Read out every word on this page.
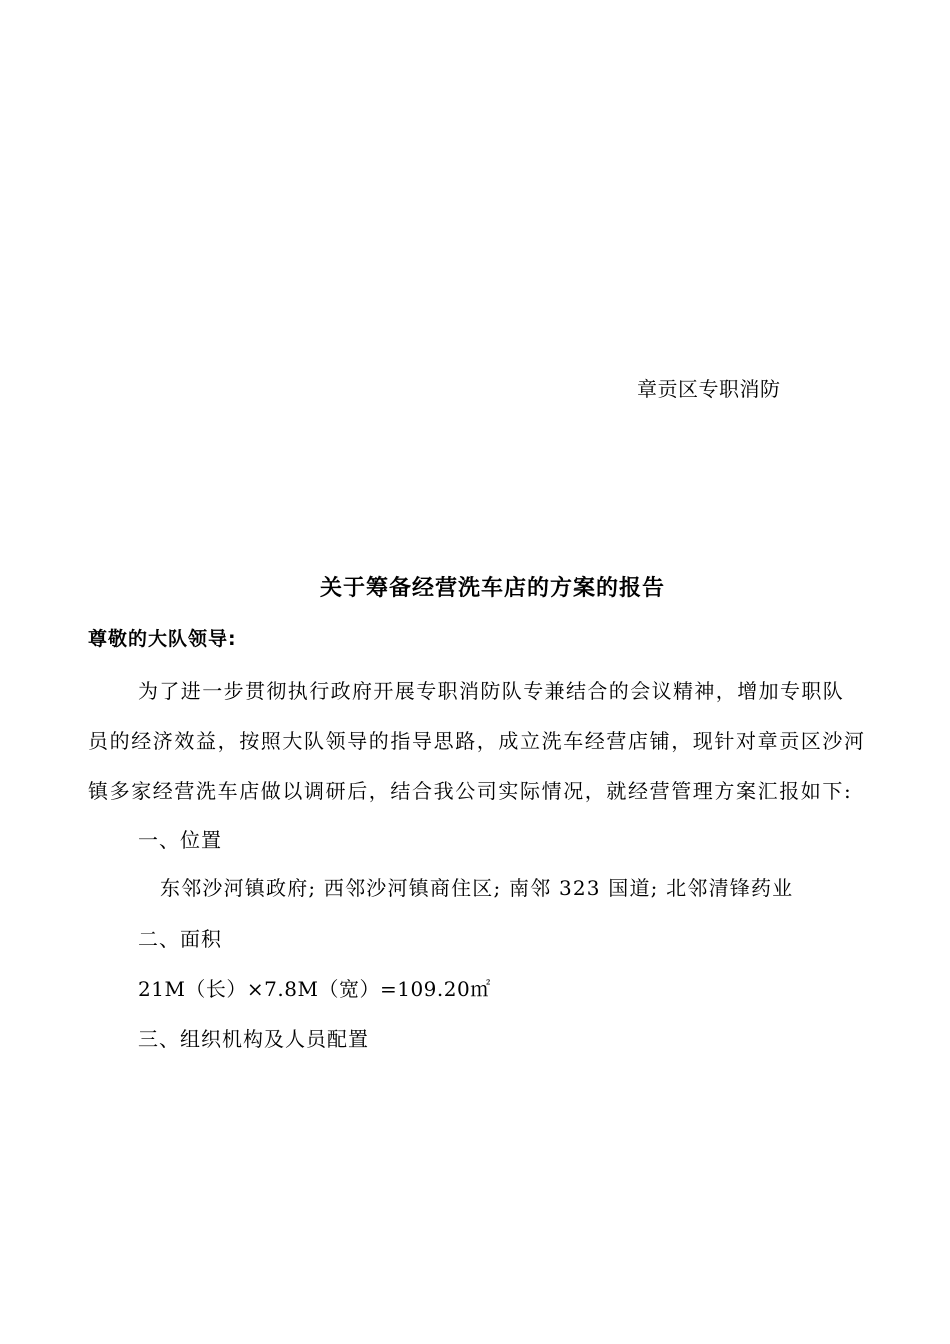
章贡区专职消防
关于筹备经营洗车店的方案的报告
尊敬的大队领导:
为了进一步贯彻执行政府开展专职消防队专兼结合的会议精神，增加专职队
员的经济效益，按照大队领导的指导思路，成立洗车经营店铺，现针对章贡区沙河
镇多家经营洗车店做以调研后，结合我公司实际情况，就经营管理方案汇报如下:
一、位置
东邻沙河镇政府; 西邻沙河镇商住区; 南邻 323 国道; 北邻清锋药业
二、面积
21M（长）×7.8M（宽）=109.20㎡
三、组织机构及人员配置
